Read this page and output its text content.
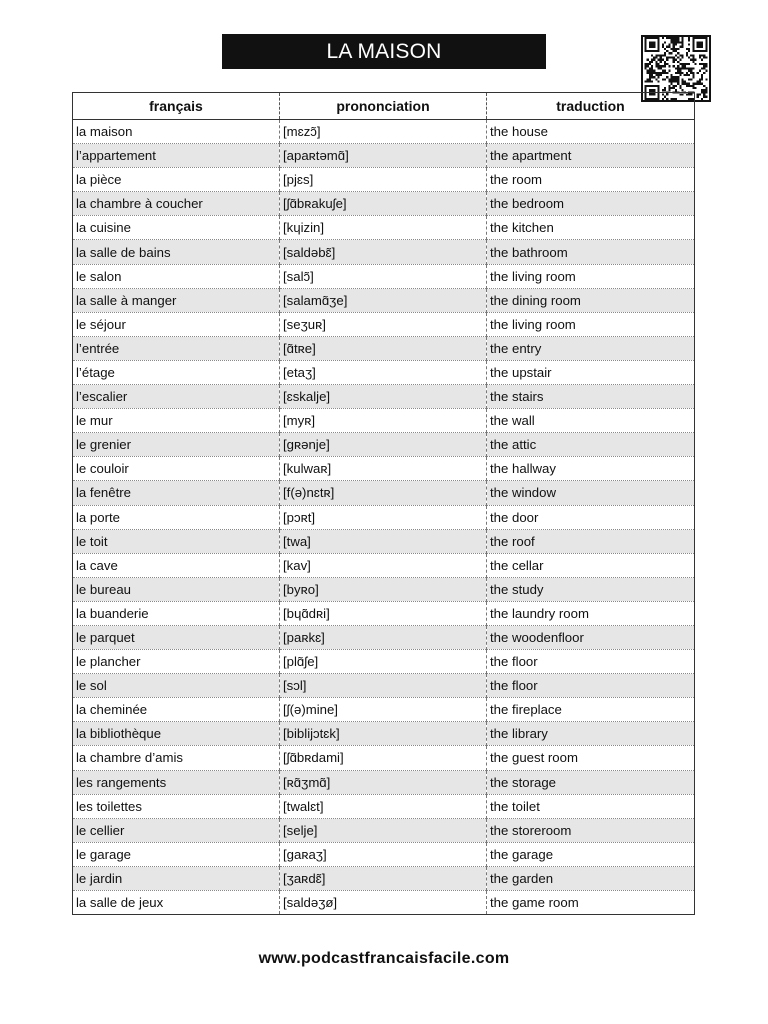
LA MAISON
français	prononciation	traduction
la maison	[mɛzɔ̃]	the house
l’appartement	[apaʀtəmɑ̃]	the apartment
la pièce	[pjɛs]	the room
la chambre à coucher	[ʃɑ̃bʀakuʃe]	the bedroom
la cuisine	[kɥizin]	the kitchen
la salle de bains	[saldəbɛ̃]	the bathroom
le salon	[salɔ̃]	the living room
la salle à manger	[salamɑ̃ʒe]	the dining room
le séjour	[seʒuʀ]	the living room
l’entrée	[ɑ̃tʀe]	the entry
l’étage	[etaʒ]	the upstair
l’escalier	[ɛskalje]	the stairs
le mur	[myʀ]	the wall
le grenier	[gʀənje]	the attic
le couloir	[kulwaʀ]	the hallway
la fenêtre	[f(ə)nɛtʀ]	the window
la porte	[pɔʀt]	the door
le toit	[twa]	the roof
la cave	[kav]	the cellar
le bureau	[byʀo]	the study
la buanderie	[bɥɑ̃dʀi]	the laundry room
le parquet	[paʀkɛ]	the woodenfloor
le plancher	[plɑ̃ʃe]	the floor
le sol	[sɔl]	the floor
la cheminée	[ʃ(ə)mine]	the fireplace
la bibliothèque	[biblijɔtɛk]	the library
la chambre d’amis	[ʃɑ̃bʀdami]	the guest room
les rangements	[ʀɑ̃ʒmɑ̃]	the storage
les toilettes	[twalɛt]	the toilet
le cellier	[selje]	the storeroom
le garage	[gaʀaʒ]	the garage
le jardin	[ʒaʀdɛ̃]	the garden
la salle de jeux	[saldəʒø]	the game room
www.podcastfrancaisfacile.com
